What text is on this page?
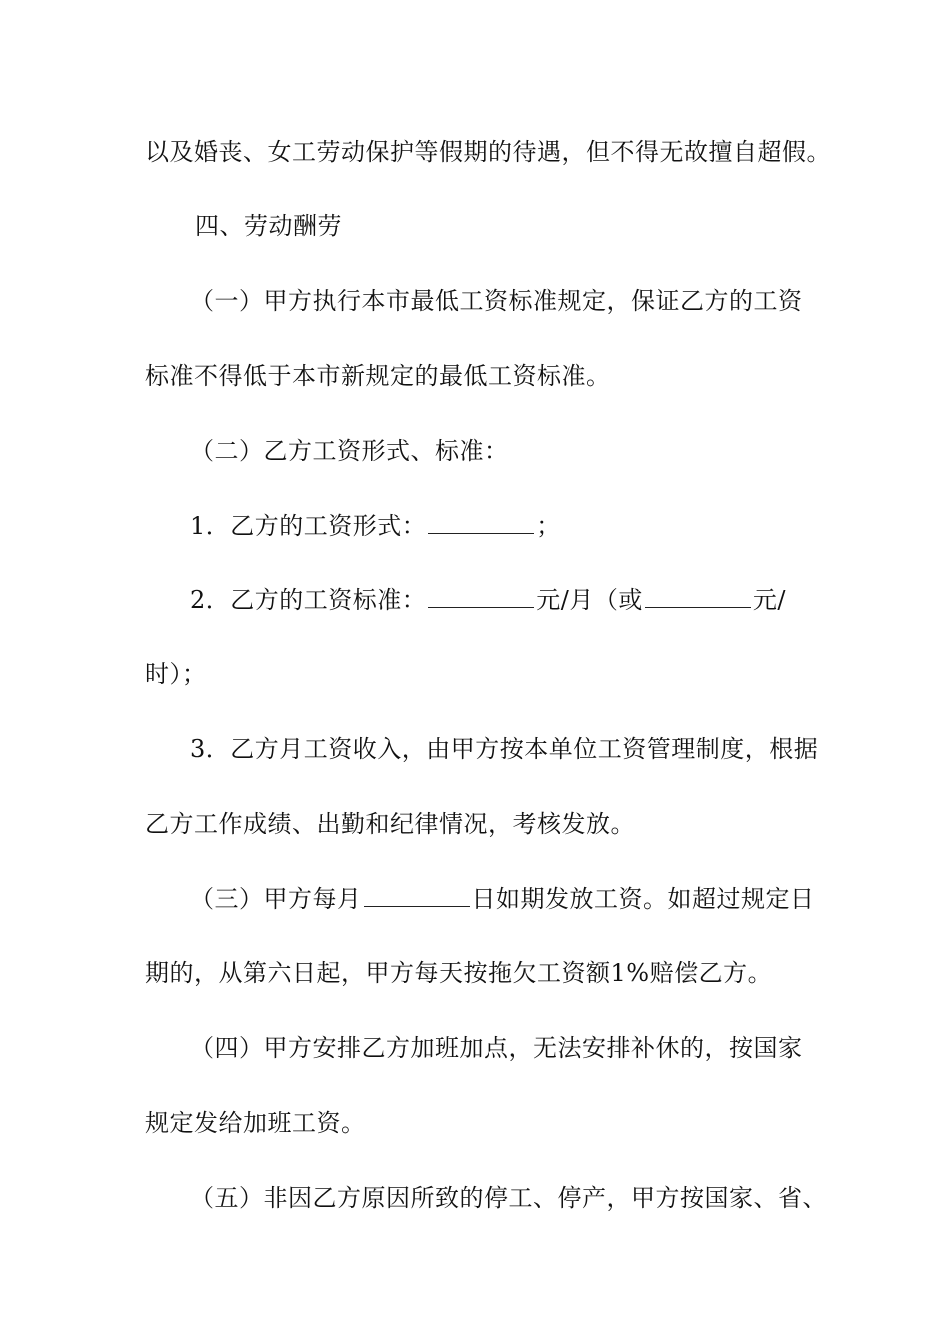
以及婚丧、女工劳动保护等假期的待遇，但不得无故擅自超假。
四、劳动酬劳
（一）甲方执行本市最低工资标准规定，保证乙方的工资
标准不得低于本市新规定的最低工资标准。
（二）乙方工资形式、标准：
1．乙方的工资形式：	；
2．乙方的工资标准：	元/月（或	元/
时）；
3．乙方月工资收入，由甲方按本单位工资管理制度，根据
乙方工作成绩、出勤和纪律情况，考核发放。
（三）甲方每月	日如期发放工资。如超过规定日
期的，从第六日起，甲方每天按拖欠工资额1%赔偿乙方。
（四）甲方安排乙方加班加点，无法安排补休的，按国家
规定发给加班工资。
（五）非因乙方原因所致的停工、停产，甲方按国家、省、
